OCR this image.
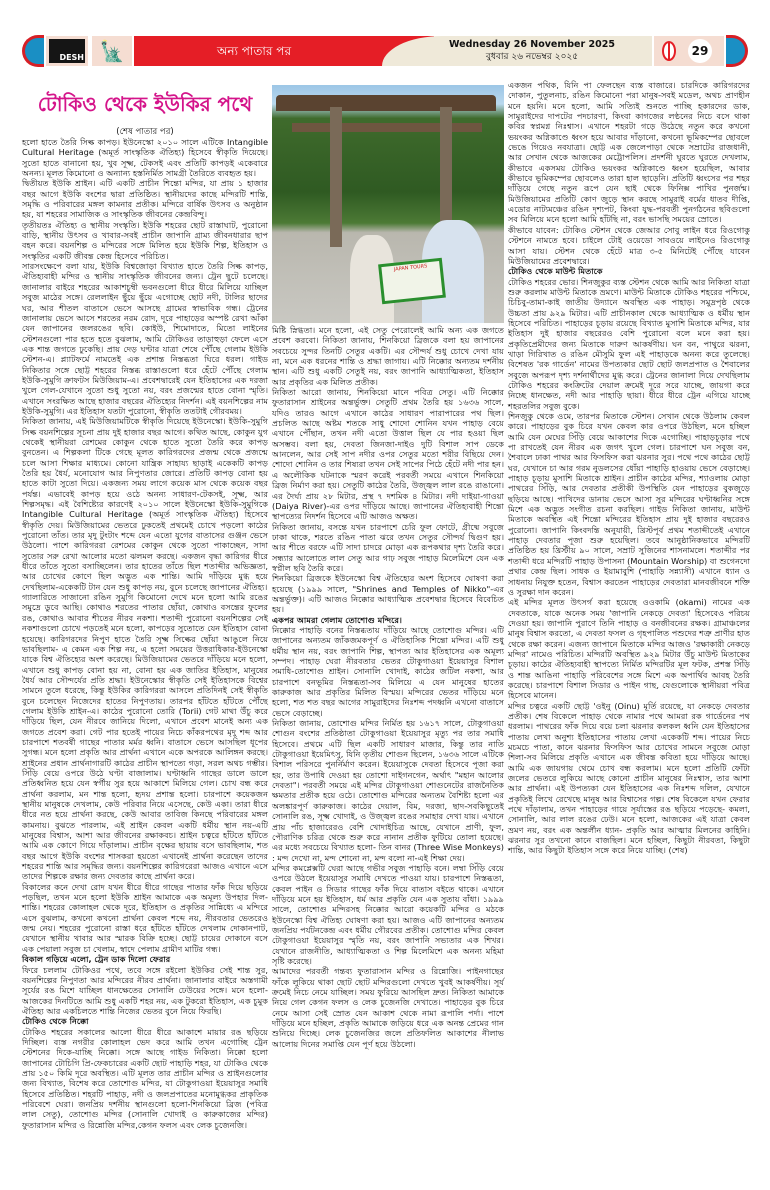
DESH 🗽	অন্য পাতার পর	Wednesday 26 November 2025
বুধবার ২৬ নভেম্বর ২০২৫	29
টোকিও থেকে ইউকির পথে
(শেষ পাতার পর)
JAPAN TOURS

হলো হাতে তৈরি সিল্ক কাপড়। ইউনেস্কো ২০১০ সালে এটিকে Intangible Cultural Heritage (অমূর্ত সাংস্কৃতিক ঐতিহ্য) হিসেবে স্বীকৃতি দিয়েছে। সুতো হাতে বানানো হয়, খুব সূক্ষ্ম, টেকসই এবং প্রতিটি কাপড়ই একেবারে অনন্য। মূলত কিমোনো ও অন্যান্য হস্তনির্মিত সামগ্রী তৈরিতে ব্যবহৃত হয়।

দ্বিতীয়ত ইউকি শ্রাইন। এটি একটি প্রাচীন শিন্তো মন্দির, যা প্রায় ১ হাজার বছর আগে ইউকি বংশের দ্বারা প্রতিষ্ঠিত। স্থানীয়দের কাছে মন্দিরটি শান্তি, সমৃদ্ধি ও পরিবারের মঙ্গল কামনার প্রতীক। মন্দিরে বার্ষিক উৎসব ও অনুষ্ঠান হয়, যা শহরের সামাজিক ও সাংস্কৃতিক জীবনের কেন্দ্রবিন্দু।

তৃতীয়তঃ ঐতিহ্য ও স্থানীয় সংস্কৃতি। ইউকি শহরের ছোট রাস্তাঘাট, পুরোনো বাড়ি, স্থানীয় উৎসব ও খাবার-সবই প্রাচীন জাপানি গ্রাম্য জীবনধারার ছাপ বহন করে। বয়নশিল্প ও মন্দিরের সঙ্গে মিলিত হয়ে ইউকি শিল্প, ইতিহাস ও সংস্কৃতির একটি জীবন্ত কেন্দ্র হিসেবে পরিচিত।

সারসংক্ষেপে বলা যায়, ইউকি বিশ্বজোড়া বিখ্যাত হাতে তৈরি সিল্ক কাপড়, ঐতিহ্যবাহী মন্দির ও স্থানীয় সাংস্কৃতিক জীবনের জন্য। ট্রেন ছুটে চলেছে। জানালার বাইরে শহরের আকাশচুম্বী ভবনগুলো ধীরে ধীরে মিলিয়ে যাচ্ছিল সবুজ মাঠের সঙ্গে। রেললাইন ছুঁয়ে ছুঁয়ে এগোচ্ছে ছোট নদী, টালির ছাদের ঘর, আর শীতল বাতাসে ভেসে আসছে গ্রামের স্বাভাবিক গন্ধ। ট্রেনের জানালায় ভেসে আসে শরতের নরম রোদ, দূরে পাহাড়ের অস্পষ্ট রেখা আঁকা যেন জাপানের জলরঙের ছবি। কোইউ, শিমোদাতে, মিতো লাইনের স্টেশনগুলো পার হতে হতে বুঝলাম, আমি টোকিওর তাড়াহুড়া ফেলে এসে এক শান্ত জগতে ঢুকেছি। প্রায় দেড় ঘণ্টার যাত্রা শেষে পৌঁছে গেলাম ইউকি স্টেশন-এ। প্ল্যাটফর্মে নামতেই এক প্রশান্ত নিস্তব্ধতা ঘিরে ধরল। গাইড নিকিতার সঙ্গে ছোট্ট শহরের নিস্তব্ধ রাস্তাগুলো ধরে হেঁটে পৌঁছে গেলাম ইউকি-সুমুগি ক্রাফটস মিউজিয়াম-এ। প্রবেশদ্বারেই যেন ইতিহাসের এক দরজা খুলে গেল-যেখানে সুতো শুধু সুতো নয়, বরং প্রজন্মের হাতে বোনা স্মৃতি। এখানে সংরক্ষিত আছে হাজার বছরের ঐতিহ্যের নিদর্শন। এই বয়নশিল্পের নাম ইউকি-সুমুগি। এর ইতিহাস যতটা পুরোনো, স্বীকৃতি ততটাই গৌরবময়।

নিকিতা জানায়, এই মিউজিয়ামটিকে স্বীকৃতি দিয়েছে ইউনেস্কো। ইউকি-সুমুগি সিল্ক বয়নশিল্পের সূচনা প্রায় দুই হাজার বছর আগে। কথিত আছে, কোকুন যুগ থেকেই স্থানীয়রা রেশমের কোকুন থেকে হাতে সুতো তৈরি করে কাপড় বুনতেন। এ শিল্পকলা টিকে গেছে মূলত কারিগরদের প্রজন্ম থেকে প্রজন্মে চলে আসা শিক্ষার মাধ্যমে। কোনো যান্ত্রিক সাহায্য ছাড়াই একেকটি কাপড় তৈরি হয় ধৈর্য, মনোযোগ আর নিপুণতার জোরে। প্রতিটি কাপড় বোনা হয় হাতে কাটা সুতো দিয়ে। একজন্য সময় লাগে কয়েক মাস থেকে কয়েক বছর পর্যন্ত। এভাবেই কাপড় হয়ে ওঠে অনন্য সাধারণ-টেকসই, সূক্ষ্ম, আর শিল্পসমৃদ্ধ। এই বৈশিষ্ট্যের কারণেই ২০১০ সালে ইউনেস্কো ইউকি-সুমুগিকে Intangible Cultural Heritage (অমূর্ত সাংস্কৃতিক ঐতিহ্য) হিসেবে স্বীকৃতি দেয়। মিউজিয়ামের ভেতরে ঢুকতেই প্রথমেই চোখে পড়লো কাঠের পুরোনো তাঁত। তার মৃদু টুংটাং শব্দে যেন এতো যুগের বাতাসের গুঞ্জন ভেসে উঠলো। পাশে কারিগররা রেশমের কোকুন থেকে সুতো পাকাচ্ছেন, সাদা সুতোর সরু রেখা আলোর মতো ঝলমল করছে। একজন বৃদ্ধা কারিগর ধীরে ধীরে তাঁতে সুতো বসাচ্ছিলেন। তার হাতের তাঁতে ছিল শতাব্দীর অভিজ্ঞতা, আর চোখের কোণে ছিল অদ্ভুত এক শান্তি। আমি দাঁড়িয়ে মুগ্ধ হয়ে দেখছিলাম-একেকটি টান যেন শুধু কাপড় নয়, বুনে চলেছে জাপানের ঐতিহ্য।

গ্যালারিতে সাজানো রঙিন সুমুগি কিমোনো দেখে মনে হলো আমি রঙের সমুদ্রে ডুবে আছি। কোথাও শরতের পাতার ছোঁয়া, কোথাও বসন্তের ফুলের রঙ, কোথাও আবার শীতের নীরব নকশা। শতাব্দী পুরোনো বয়নশিল্পের সেই নকশাগুলো চোখে পড়তেই মনে হলো, কাপড়ের সুতোতে যেন ইতিহাস বোনা হয়েছে। কারিগরদের নিপুণ হাতে তৈরি সূক্ষ্ম সিল্কের ছোঁয়া আঙুলে নিয়ে ভাবছিলাম- এ কেমন এক শিল্প নয়, এ হলো সময়ের উত্তরাধিকার-ইউনেস্কো যাকে বিশ্ব ঐতিহ্যের অংশ করেছে। মিউজিয়ামের ভেতরে দাঁড়িয়ে মনে হলো, এখানে শুধু কাপড় বোনা হয় না, বোনা হয় এক জাতির ইতিহাস, মানুষের ধৈর্য আর সৌন্দর্যের প্রতি শ্রদ্ধা। ইউনেস্কোর স্বীকৃতি সেই ইতিহাসকে বিশ্বের সামনে তুলে ধরেছে, কিন্তু ইউকির কারিগররা আসলে প্রতিদিনই সেই স্বীকৃতি বুনে চলেছেন নিজেদের হাতের নিপুণতায়। তারপর হাঁটতে হাঁটতে পৌঁছে গেলাম ইউকি শ্রাইন-এ। কাঠের পুরোনো তোরি (Torii) গেট মাথা উঁচু করে দাঁড়িয়ে ছিল, যেন নীরবে জানিয়ে দিলো, এখানে প্রবেশ মানেই অন্য এক জগতে প্রবেশ করা। গেট পার হতেই পায়ের নিচে কাঁকরপথের মৃদু শব্দ আর চারপাশে শতবর্ষী গাছের পাতার মর্মর ধ্বনি। বাতাসে ভেসে আসছিল ধূপের সুগন্ধ। মনে হলো প্রকৃতি আর প্রার্থনা এখানে একে অপরকে আলিঙ্গন করছে। শ্রাইনের প্রধান প্রার্থনাগারটি কাঠের প্রাচীন স্থাপত্যে গড়া, সরল অথচ গম্ভীর। সিঁড়ি বেয়ে ওপরে উঠে ঘণ্টা বাজালাম। ঘণ্টাধ্বনি গাছের ডালে ডালে প্রতিধ্বনিত হয়ে যেন স্বর্গীয় সুর হয়ে আকাশে মিলিয়ে গেল। চোখ বন্ধ করে প্রার্থনা করলাম, মন শান্ত হলো, হৃদয় প্রশান্ত হলো। চারপাশে কয়েকজন স্থানীয় মানুষকে দেখলাম, কেউ পরিবার নিয়ে এসেছে, কেউ একা। তারা ধীরে ধীরে নত হয়ে প্রার্থনা করছে, কেউ আবার তাবিজ কিনছে পরিবারের মঙ্গল কামনায়। বুঝতে পারলাম, এই শ্রাইন কেবল একটি ধর্মীয় স্থান নয়-এটি মানুষের বিশ্বাস, আশা আর জীবনের রক্ষাকবচ। শ্রাইন চত্বরে হাঁটতে হাঁটতে আমি এক কোণে গিয়ে দাঁড়ালাম। প্রাচীন বৃক্ষের ছায়ায় বসে ভাবছিলাম, শত বছর আগে ইউকি বংশের শাসকরা হয়তো এখানেই প্রার্থনা করেছেন তাদের শহরের শান্তি আর সমৃদ্ধির জন্য। বয়নশিল্পের কারিগরেরা আজও এখানে এসে তাদের শিল্পকে রক্ষার জন্য দেবতার কাছে প্রার্থনা করে।

বিকালের কনে দেখা রোদ যখন ধীরে ধীরে গাছের পাতার ফাঁক দিয়ে ছড়িয়ে পড়ছিল, তখন মনে হলো ইউকি শ্রাইন আমাকে এক অমূল্য উপহার দিল-শান্তি। শহরের কোলাহল থেকে দূরে, ইতিহাস ও প্রকৃতির সান্নিধ্যে এ মন্দিরে এসে বুঝলাম, কখনো কখনো প্রার্থনা কেবল শব্দে নয়, নীরবতার ভেতরেও জন্ম নেয়। শহরের পুরোনো রাস্তা ধরে হাঁটতে হাঁটতে দেখলাম দোকানপাট, যেখানে স্থানীয় খাবার আর স্মারক বিক্রি হচ্ছে। ছোট্ট চায়ের দোকানে বসে এক পেয়ালা সবুজ চা খেলাম, স্বাদে পেলাম গ্রামীণ মাটির গন্ধ।

বিকাল গড়িয়ে এলো, ট্রেন ডাক দিলো ফেরার

ফিরে চললাম টোকিওর পথে, তবে সঙ্গে রইলো ইউকির সেই শান্ত সুর, বয়নশিল্পের নিপুণতা আর মন্দিরের নীরব প্রার্থনা। জানালার বাইরে অস্তগামী সূর্যের রঙ মিশে যাচ্ছিল ধানক্ষেতের সোনালি ঢেউয়ের সঙ্গে। মনে হলো-আজকের দিনটিতে আমি শুধু একটি শহর নয়, এক টুকরো ইতিহাস, এক চুমুক ঐতিহ্য আর একচিলতে শান্তি নিজের ভেতর বুনে নিয়ে ফিরছি।

টোকিও থেকে নিক্কো

টোকিও শহরের সকালের আলো ধীরে ধীরে আকাশে মায়ার রঙ ছড়িয়ে দিচ্ছিল। ব্যস্ত নগরীর কোলাহল ভেদ করে আমি তখন এগোচ্ছি ট্রেন স্টেশনের দিকে-যাচ্ছি নিক্কো। সঙ্গে আছে গাইড নিকিতা। নিক্কো হলো জাপানের টোচিগি প্রি-ফেকচারের একটি ছোট পাহাড়ি শহর, যা টোকিও থেকে প্রায় ১৫০ কিমি দূরে অবস্থিত। এটি মূলত তার প্রাচীন মন্দির ও শ্রাইনগুলোর জন্য বিখ্যাত, বিশেষ করে তোশোগু মন্দির, যা টোকুগাওয়া ইয়েয়াসুর সমাধি হিসেবে প্রতিষ্ঠিত। শহরটি পাহাড়, নদী ও জলপ্রপাতের মনোমুগ্ধকর প্রাকৃতিক পরিবেশে ঘেরা। জনপ্রিয় দর্শনীয় স্থানগুলো হলো-শিনকিয়ো ব্রিজ (পবিত্র লাল সেতু), তোশোগু মন্দির (সোনালি খোদাই ও কারুকাজের মন্দির) ফুতারাসান মন্দির ও রিন্নোজি মন্দির,কেগন ফলস এবং লেক চুজেনজি।

মিষ্টি স্নিগ্ধতা। মনে হলো, এই সেতু পেরোলেই আমি অন্য এক জগতে প্রবেশ করবো। নিকিতা জানায়, শিনকিয়ো ব্রিজকে বলা হয় জাপানের সবচেয়ে সুন্দর তিনটি সেতুর একটি। এর সৌন্দর্য শুধু চোখে দেখা যায় না, মনে এক ধরনের শান্তি ও শ্রদ্ধা জাগায়। এটি নিক্কোর অন্যতম দর্শনীয় স্থান। এটি শুধু একটি সেতুই নয়, বরং জাপানি আধ্যাত্মিকতা, ইতিহাস আর প্রকৃতির এক মিলিত প্রতীক।

নিকিতা আরো জানায়, শিনকিয়ো মানে পবিত্র সেতু। এটি নিক্কোর ফুতারাসান শ্রাইনের অন্তর্ভুক্ত। সেতুটি প্রথম তৈরি হয় ১৬৩৬ সালে, যদিও তারও আগে এখানে কাঠের সাধারণ পারাপারের পথ ছিল। প্রচলিত আছে অষ্টম শতকে সাধু শোদো শোনিন যখন পাহাড় বেয়ে এখানে পৌঁছান, তখন নদী এতো উত্তাল ছিল যে পার হওয়া ছিল অসম্ভব। বলা হয়, দেবতা জিনজা-দাইও দুটি বিশাল সাপ ডেকে আনলেন, আর সেই সাপ নদীর ওপর সেতুর মতো শরীর বিছিয়ে দেন। শোদো শোনিন ও তার শিষ্যরা তখন সেই সাপের পিঠে হেঁটে নদী পার হন। এ অলৌকিক ঘটনাকে স্মরণ করেই পরবর্তী সময়ে এখানে শিনকিয়ো ব্রিজ নির্মাণ করা হয়। সেতুটি কাঠের তৈরি, উজ্জ্বল লাল রঙে রাঙানো। এর দৈর্ঘ্য প্রায় ২৮ মিটার, প্রস্থ ৭ দশমিক ৪ মিটার। নদী দাইয়া-গাওয়া (Daiya River)-এর ওপর দাঁড়িয়ে আছে। জাপানের ঐতিহ্যবাহী শিন্তো স্থাপত্যের নিদর্শন হিসেবে এটি আজও অক্ষত।

নিকিতা জানায়, বসন্তে যখন চারপাশে চেরি ফুল ফোটে, গ্রীষ্মে সবুজে ঢাকা থাকে, শরতে রঙিন পাতা ঝরে তখন সেতুর সৌন্দর্য দ্বিগুণ হয়। আর শীতে বরফে এটি সাদা চাদরে মোড়া এক রূপকথার দৃশ্য তৈরি করে। সন্ধ্যার আলোতে লাল সেতু আর গাঢ় সবুজ পাহাড় মিলেমিশে যেন এক স্বপ্নীল ছবি তৈরি করে।

শিনকিয়ো ব্রিজকে ইউনেস্কো বিশ্ব ঐতিহ্যের অংশ হিসেবে ঘোষণা করা হয়েছে (১৯৯৯ সালে, "Shrines and Temples of Nikko"-এর অন্তর্ভুক্ত)। এটি আজও নিক্কোর আধ্যাত্মিক প্রবেশদ্বার হিসেবে বিবেচিত হয়।

একপর আমরা গেলাম তোশোগু মন্দিরে।

নিক্কোর পাহাড়ি বনের নিস্তব্ধতায় দাঁড়িয়ে আছে তোশোগু মন্দির। এটি জাপানের অন্যতম জাঁকজমকপূর্ণ ও ঐতিহাসিক শিন্তো মন্দির। এটি শুধু ধর্মীয় স্থান নয়, বরং জাপানি শিল্প, স্থাপত্য আর ইতিহাসের এক অমূল্য সম্পদ। পাহাড় ঘেরা নীরবতার ভেতর টোকুগাওয়া ইয়েয়াসুর বিশাল সমাধি-তোশোগু শ্রাইন। সোনালি খোদাই, কাঠের জটিল নকশা, আর চারপাশে বনভূমির নিস্তব্ধতা-সব মিলিয়ে এ যেন মানুষের হাতের কারুকাজ আর প্রকৃতির মিলিত বিস্ময়। মন্দিরের ভেতর দাঁড়িয়ে মনে হলো, শত শত বছর আগের সামুরাইদের নিঃশব্দ পদধ্বনি এখনো বাতাসে ভেসে বেড়াচ্ছে।

নিকিতা জানায়, তোশোগু মন্দির নির্মিত হয় ১৬১৭ সালে, টোকুগাওয়া শোগুন বংশের প্রতিষ্ঠাতা টোকুগাওয়া ইয়েয়াসুর মৃত্যু পর তার সমাধি হিসেবে। প্রথমে এটি ছিল একটি সাধারণ মাজার, কিন্তু তার নাতি টোকুগাওয়া ইয়েমিৎসু, যিনি তৃতীয় শোগুন ছিলেন, ১৬৩৬ সালে এটিকে বিশাল পরিসরে পুনর্নির্মাণ করেন। ইয়েয়াসুকে দেবতা হিসেবে পূজা করা হয়, তার উপাধি দেওয়া হয় তোশো দাইগনগেন, অর্থাৎ "মহান আলোর দেবতা"। পরবর্তী সময়ে এই মন্দির টোকুগাওয়া শোগুনেটের রাজনৈতিক ক্ষমতার প্রতীক হয়ে ওঠে। তোশোগু মন্দিরের অন্যতম বৈশিষ্ট্য হলো এর অলঙ্কারপূর্ণ কারুকাজ। কাঠের দেয়াল, বিম, দরজা, ছাদ-সবকিছুতেই সোনালি রঙ, সূক্ষ্ম খোদাই, ও উজ্জ্বল রঙের সমাহার দেখা যায়। এখানে প্রায় পাঁচ হাজারেরও বেশি খোদাইচিত্র আছে, যেখানে প্রাণী, ফুল, পৌরাণিক চরিত্র থেকে শুরু করে নানান প্রতীক ফুটিয়ে তোলা হয়েছে। এর মধ্যে সবচেয়ে বিখ্যাত হলো- তিন বানর (Three Wise Monkeys) : মন্দ দেখো না, মন্দ শোনো না, মন্দ বলো না-এই শিক্ষা দেয়।

মন্দির কমপ্লেক্সটি ঘেরা আছে গভীর সবুজ পাহাড়ি বনে। লম্বা সিঁড়ি বেয়ে ওপরে উঠলে ইয়েয়াসুর সমাধি দেখতে পাওয়া যায়। চারপাশে নিস্তব্ধতা, কেবল পাইন ও সিডার গাছের ফাঁক দিয়ে বাতাস বইতে থাকে। এখানে দাঁড়িয়ে মনে হয় ইতিহাস, ধর্ম আর প্রকৃতি যেন এক সুতায় বাঁধা। ১৯৯৯ সালে, তোশোগু মন্দিরসহ নিক্কোর আরো কয়েকটি মন্দির ও মঠকে ইউনেস্কো বিশ্ব ঐতিহ্য ঘোষণা করা হয়। আজও এটি জাপানের অন্যতম জনপ্রিয় পর্যটনকেন্দ্র এবং ধর্মীয় গৌরবের প্রতীক। তোশোগু মন্দির কেবল টোকুগাওয়া ইয়েয়াসুর স্মৃতি নয়, বরং জাপানি সভ্যতার এক শিখর। যেখানে রাজনীতি, আধ্যাত্মিকতা ও শিল্প মিলেমিশে এক অনন্য মহিমা সৃষ্টি করেছে।

আমাদের পরবর্তী গন্তব্য ফুতারাসান মন্দির ও রিন্নোজি। পাইনগাছের ফাঁকে লুকিয়ে থাকা ছোট ছোট মন্দিরগুলো দেখতে খুবই আকর্ষণীয়। সূর্য ক্রমেই নিচে নেমে যাচ্ছিল। সময় ফুরিয়ে আসছিল দ্রুত। নিকিতা আমাকে নিয়ে গেল কেগন ফলস ও লেক চুজেনজি দেখাতে। পাহাড়ের বুক চিরে নেমে আসা সেই স্রোত যেন আকাশ থেকে নামা রূপালি পর্দা। পাশে দাঁড়িয়ে মনে হচ্ছিল, প্রকৃতি আমাকে জড়িয়ে ধরে এক অনন্ত প্রেমের গান শুনিয়ে দিচ্ছে। লেক চুজেনজির জলে প্রতিফলিত আকাশের নীলাভ আলোয় দিনের সমাপ্তি যেন পূর্ণ হয়ে উঠলো।

একজন পথিক, যিনি পা ফেলছেন ব্যস্ত বাজারে। চারদিকে কারিগরদের দোকান, পুতুলনাচ, রঙিন কিমোনো পরা মানুষ-সবই মডেল, অথচ প্রাণহীন মনে হয়নি। মনে হলো, আমি সত্যিই শুনতে পাচ্ছি হকারদের ডাক, সামুরাইদের দাপটের পদচারণা, কিংবা কাগজের লণ্ঠনের নিচে বসে থাকা কবির স্বপ্নমগ্ন নিঃশ্বাস। এখানে শহরটা গড়ে উঠেছে নতুন করে কখনো ভয়ংকর অগ্নিকাণ্ডে ধ্বংস হয়ে আবার দাঁড়ানো, কখনো ভূমিকম্পের ছোবলে ভেঙে গিয়েও নবযাত্রা। ছোট্ট এক জেলেপাড়া থেকে সম্রাটের রাজধানী, আর সেখান থেকে আজকের মেট্রোপলিস। প্রদর্শনী ঘুরতে ঘুরতে দেখলাম, কীভাবে একসময় টোকিও ভয়ংকর অগ্নিকাণ্ডে ধ্বংস হয়েছিল, আবার কীভাবে ভূমিকম্পের ছোবলেও তারা হাল ছাড়েনি। প্রতিটি ধ্বংসের পর শহর দাঁড়িয়ে গেছে নতুন রূপে যেন ছাই থেকে ফিনিক্স পাখির পুনর্জন্ম। মিউজিয়ামের প্রতিটি কোণ জুড়ে স্থান করছে সামুরাই বর্মের ধাতব দীপ্তি, এডোর নাট্যমঞ্চের রঙিন দৃশ্যপট, কিংবা যুদ্ধ-পরবর্তী পুনর্গঠনের ছবিগুলো সব মিলিয়ে মনে হলো আমি হাঁটছি না, বরং ভাসছি সময়ের স্রোতে।

কীভাবে যাবেন: টোকিও স্টেশন থেকে জেআর সোবু লাইন ধরে রিওগোকু স্টেশনে নামতে হবে। চাইলে টোই ওয়েডো সাবওয়ে লাইনেও রিওগোকু আসা যায়। স্টেশন থেকে হেঁটে মাত্র ৩-৫ মিনিটেই পৌঁছে যাবেন মিউজিয়ামের প্রবেশদ্বারে।

টোকিও থেকে মাউন্ট মিতাকে

টোকিও শহরের ভোর। শিনজুকুর ব্যস্ত স্টেশন থেকে আমি আর নিকিতা যাত্রা শুরু করলাম মাউন্ট মিতাকে ভ্রমণে। মাউন্ট মিতাকে টোকিও শহরের পশ্চিমে, চিচিবু-তামা-কাই জাতীয় উদ্যানে অবস্থিত এক পাহাড়। সমুদ্রপৃষ্ঠ থেকে উচ্চতা প্রায় ৯২৯ মিটার। এটি প্রাচীনকাল থেকে আধ্যাত্মিক ও ধর্মীয় স্থান হিসেবে পরিচিত। পাহাড়ের চূড়ায় রয়েছে বিখ্যাত মুসাশি মিতাকে মন্দির, যার ইতিহাস দুই হাজার বছরেরও বেশি পুরোনো বলে মনে করা হয়। প্রকৃতিপ্রেমীদের জন্য মিতাকে দারুণ আকর্ষণীয়। ঘন বন, পাথুরে ঝরনা, খাড়া গিরিখাত ও রঙিন মৌসুমি ফুল এই পাহাড়কে অনন্য করে তুলেছে। বিশেষত 'রক গার্ডেন' নামের উপত্যকার ছোট ছোট জলপ্রপাত ও শৈবালের সবুজে অপরূপ দৃশ্য দর্শনার্থীদের মুগ্ধ করে। ট্রেনের জানালা দিয়ে দেখছিলাম টোকিও শহরের কংক্রিটের দেয়াল ক্রমেই দূরে সরে যাচ্ছে, জায়গা করে নিচ্ছে ধানক্ষেত, নদী আর পাহাড়ি ছায়া। ধীরে ধীরে ট্রেন এগিয়ে যাচ্ছে শহরতলির সবুজ বুকে।

শিনজুকু থেকে ওমে, তারপর মিতাকে স্টেশন। সেখান থেকে উঠলাম কেবল কারে। পাহাড়ের বুক চিরে যখন কেবল কার ওপরে উঠছিল, মনে হচ্ছিল আমি যেন মেঘের সিঁড়ি বেয়ে আকাশের দিকে এগোচ্ছি। পাহাড়চূড়ার পথে পা রাখতেই যেন নীরব এক জগৎ খুলে গেল। চারপাশে ঘন সবুজ বন, শৈবালে ঢাকা পাথর আর ফিসফিস করা ঝরনার সুর। পথে পথে কাঠের ছোট্ট ঘর, যেখানে চা আর গরম নুডলসের ধোঁয়া পাহাড়ি হাওয়ায় ভেসে বেড়াচ্ছে। পাহাড় চূড়ায় মুসাশি মিতাকে শ্রাইন। প্রাচীন কাঠের মন্দির, শ্যাওলায় মোড়া পাথরের সিঁড়ি, আর দেবতার প্রতীকী উপস্থিতি যেন পাহাড়ের বুকজুড়ে ছড়িয়ে আছে। পাখিদের ডানায় ভেসে আসা সুর মন্দিরের ঘণ্টাধ্বনির সঙ্গে মিশে এক অদ্ভুত সংগীত রচনা করছিল। গাইড নিকিতা জানায়, মাউন্ট মিতাকে অবস্থিত এই শিন্তো মন্দিরের ইতিহাস প্রায় দুই হাজার বছরেরও পুরোনো। জাপানি কিংবদন্তি অনুযায়ী, খ্রিস্টপূর্ব প্রথম শতাব্দীতেই এখানে পাহাড় দেবতার পূজা শুরু হয়েছিল। তবে আনুষ্ঠানিকভাবে মন্দিরটি প্রতিষ্ঠিত হয় খ্রিস্টীয় ৯০ সালে, সম্রাট সুজিনের শাসনামলে। শতাব্দীর পর শতাব্দী ধরে মন্দিরটি পাহাড় উপাসনা (Mountain Worship) বা শুগেনদো প্রথার কেন্দ্র ছিল। সাধক ও ইয়ামাবুশি (পাহাড়ি সন্ন্যাসী) এখানে ধ্যান ও সাধনায় নিযুক্ত হতেন, বিশ্বাস করতেন পাহাড়ের দেবতারা মানবজীবনে শক্তি ও সুরক্ষা দান করেন।

এই মন্দির মূলত উৎসর্গ করা হয়েছে ওওকামি (okami) নামের এক দেবতাকে, যাকে অনেক সময় 'জাপানি নেকড়ে দেবতা' হিসেবেও পরিচয় দেওয়া হয়। জাপানি পুরাণে তিনি পাহাড় ও বনজীবনের রক্ষক। গ্রামাঞ্চলের মানুষ বিশ্বাস করতো, এ দেবতা ফসল ও গৃহপালিত পশুদের শত্রু প্রাণীর হাত থেকে রক্ষা করেন। এজন্য জাপানে মিতাকে মন্দির আজও 'রক্ষাকারী নেকড়ে মন্দির' নামেও পরিচিত। মন্দিরটি অবস্থিত ৯২৯ মিটার উঁচু মাউন্ট মিতাকের চূড়ায়। কাঠের ঐতিহ্যবাহী স্থাপত্যে নির্মিত মন্দিরটির মূল ফটক, প্রশস্ত সিঁড়ি ও শান্ত আঙিনা পাহাড়ি পরিবেশের সঙ্গে মিশে এক অপার্থিব আবহ তৈরি করেছে। চারপাশে বিশাল সিডার ও পাইন গাছ, যেগুলোকে স্থানীয়রা পবিত্র হিসেবে মানেন।

মন্দির চত্বরে একটি ছোট্ট 'ওইনু (Oinu) মূর্তি রয়েছে, যা নেকড়ে দেবতার প্রতীক। শেষ বিকেলে পাহাড় থেকে নামার পথে আমরা রক গার্ডেনের পথ ধরলাম। পাথরের ফাঁক দিয়ে বয়ে চলা ঝরনার কলকল ধ্বনি যেন ইতিহাসের পাতায় লেখা অনুশ্য ইতিহাসের পাতায় লেখা একেকটি শব্দ। পায়ের নিচে মচমচে পাতা, কানে ঝরনার ফিসফিস আর চোখের সামনে সবুজে মোড়া শিলা-সব মিলিয়ে প্রকৃতি এখানে এক জীবন্ত কবিতা হয়ে দাঁড়িয়ে আছে। আমি এক জায়গায় থেমে চোখ বন্ধ করলাম। মনে হলো প্রতিটি ফোঁটা জলের ভেতরে লুকিয়ে আছে কোনো প্রাচীন মানুষের নিঃশ্বাস, তার আশা আর প্রার্থনা। এই উপত্যকা যেন ইতিহাসের এক নিঃশব্দ দলিল, যেখানে প্রকৃতিই লিখে রেখেছে মানুষ আর বিশ্বাসের গল্প। শেষ বিকেলে যখন ফেরার পথে দাঁড়ালাম, তখন পাহাড়ের গায়ে সূর্যাস্তের রঙ ছড়িয়ে পড়েছে- কমলা, সোনালি, আর লাল রঙের ঢেউ। মনে হলো, আজকের এই যাত্রা কেবল ভ্রমণ নয়, বরং এক অন্তর্লীন ধ্যান- প্রকৃতি আর আত্মার মিলনের কাহিনি। ঝরনার সুর তখনো কানে বাজছিল। মনে হচ্ছিল, কিছুটা নীরবতা, কিছুটা শান্তি, আর কিছুটা ইতিহাস সঙ্গে করে নিয়ে যাচ্ছি। (শেষ)
